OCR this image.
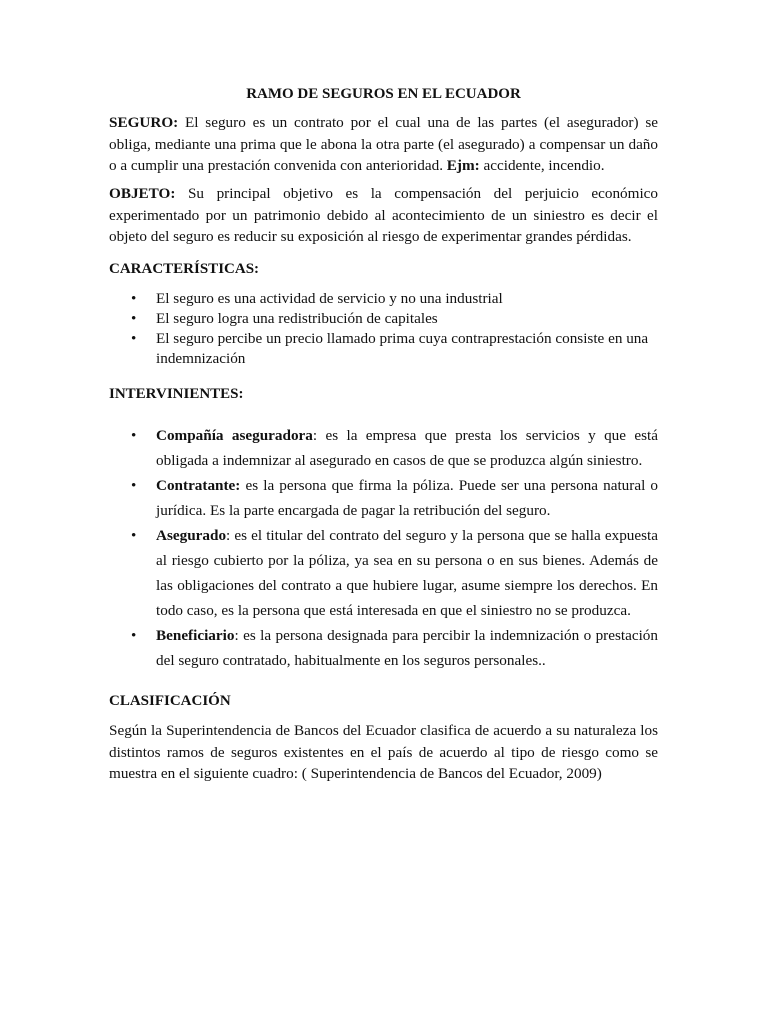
RAMO DE SEGUROS EN EL ECUADOR

SEGURO: El seguro es un contrato por el cual una de las partes (el asegurador) se obliga, mediante una prima que le abona la otra parte (el asegurado) a compensar un daño o a cumplir una prestación convenida con anterioridad. Ejm: accidente, incendio.

OBJETO: Su principal objetivo es la compensación del perjuicio económico experimentado por un patrimonio debido al acontecimiento de un siniestro es decir el objeto del seguro es reducir su exposición al riesgo de experimentar grandes pérdidas.

CARACTERÍSTICAS:

• El seguro es una actividad de servicio y no una industrial
• El seguro logra una redistribución de capitales
• El seguro percibe un precio llamado prima cuya contraprestación consiste en una indemnización

INTERVINIENTES:

• Compañía aseguradora: es la empresa que presta los servicios y que está obligada a indemnizar al asegurado en casos de que se produzca algún siniestro.
• Contratante: es la persona que firma la póliza. Puede ser una persona natural o jurídica. Es la parte encargada de pagar la retribución del seguro.
• Asegurado: es el titular del contrato del seguro y la persona que se halla expuesta al riesgo cubierto por la póliza, ya sea en su persona o en sus bienes. Además de las obligaciones del contrato a que hubiere lugar, asume siempre los derechos. En todo caso, es la persona que está interesada en que el siniestro no se produzca.
• Beneficiario: es la persona designada para percibir la indemnización o prestación del seguro contratado, habitualmente en los seguros personales..

CLASIFICACIÓN

Según la Superintendencia de Bancos del Ecuador clasifica de acuerdo a su naturaleza los distintos ramos de seguros existentes en el país de acuerdo al tipo de riesgo como se muestra en el siguiente cuadro: ( Superintendencia de Bancos del Ecuador, 2009)
